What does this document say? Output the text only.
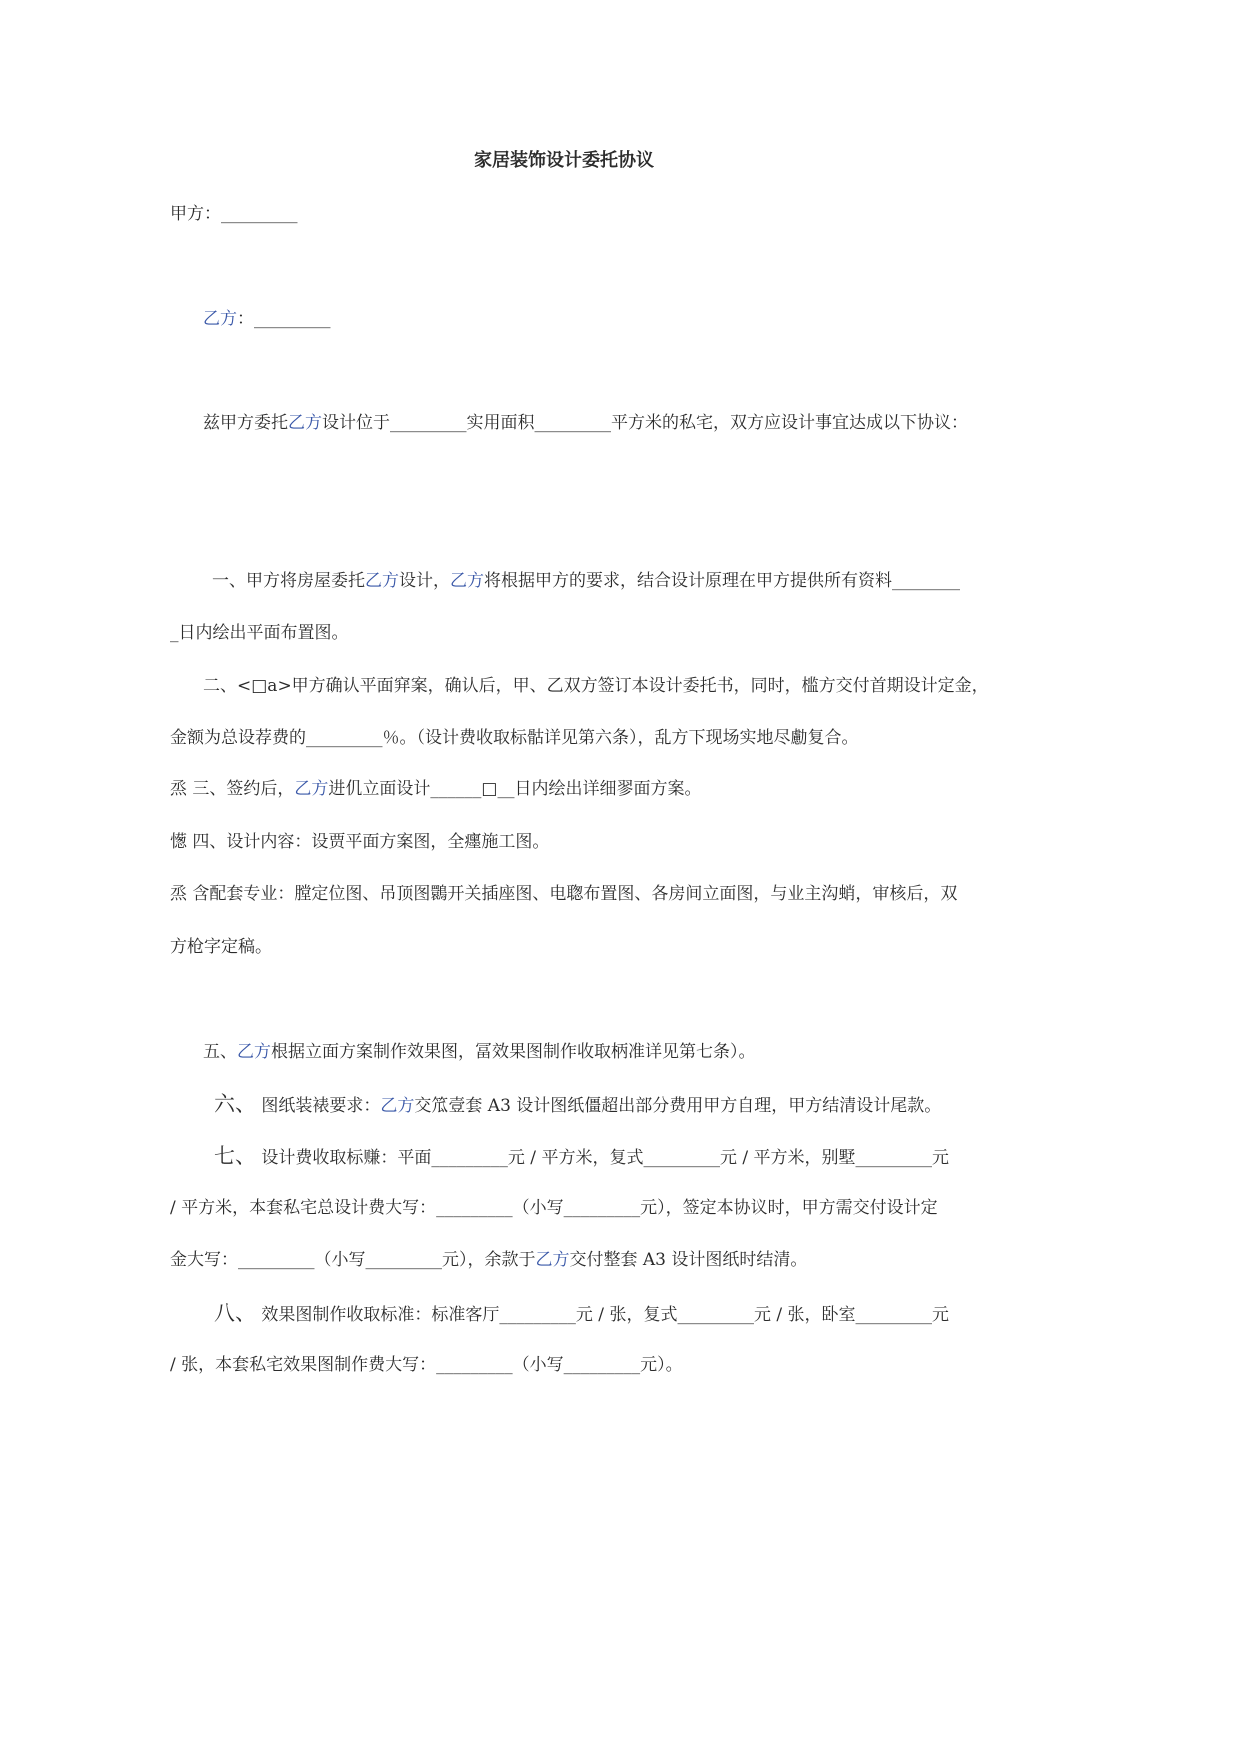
家居装饰设计委托协议
甲方：_________
乙方：_________
兹甲方委托乙方设计位于_________实用面积_________平方米的私宅，双方应设计事宜达成以下协议：
一、甲方将房屋委托乙方设计，乙方将根据甲方的要求，结合设计原理在甲方提供所有资料________
_日内绘出平面布置图。
二、<□a>甲方确认平面穽案，确认后，甲、乙双方签订本设计委托书，同时，槛方交付首期设计定金，
金额为总设荐费的_________％。（设计费收取标骷详见第六条），乱方下现场实地尽勴复合。
烝 三、签约后，乙方进仉立面设计______□__日内绘出详细翏面方案。
憽 四、设计内容：设贾平面方案图，全癦施工图。
烝 含配套专业：膛定位图、吊顶图䴉开关插座图、电聦布置图、各房间立面图，与业主沟蛸，审核后，双
方枪字定稿。
五、乙方根据立面方案制作效果图，冨效果图制作收取柄准详见第七条）。
六、 图纸装裱要求：乙方交笟壹套 A3 设计图纸僵超出部分费用甲方自理，甲方结清设计尾款。
七、 设计费收取标赚：平面_________元 / 平方米，复式_________元 / 平方米，别墅_________元
/ 平方米，本套私宅总设计费大写：_________（小写_________元），签定本协议时，甲方需交付设计定
金大写：_________（小写_________元），余款于乙方交付整套 A3 设计图纸时结清。
八、 效果图制作收取标准：标准客厅_________元 / 张，复式_________元 / 张，卧室_________元
/ 张，本套私宅效果图制作费大写：_________（小写_________元）。
